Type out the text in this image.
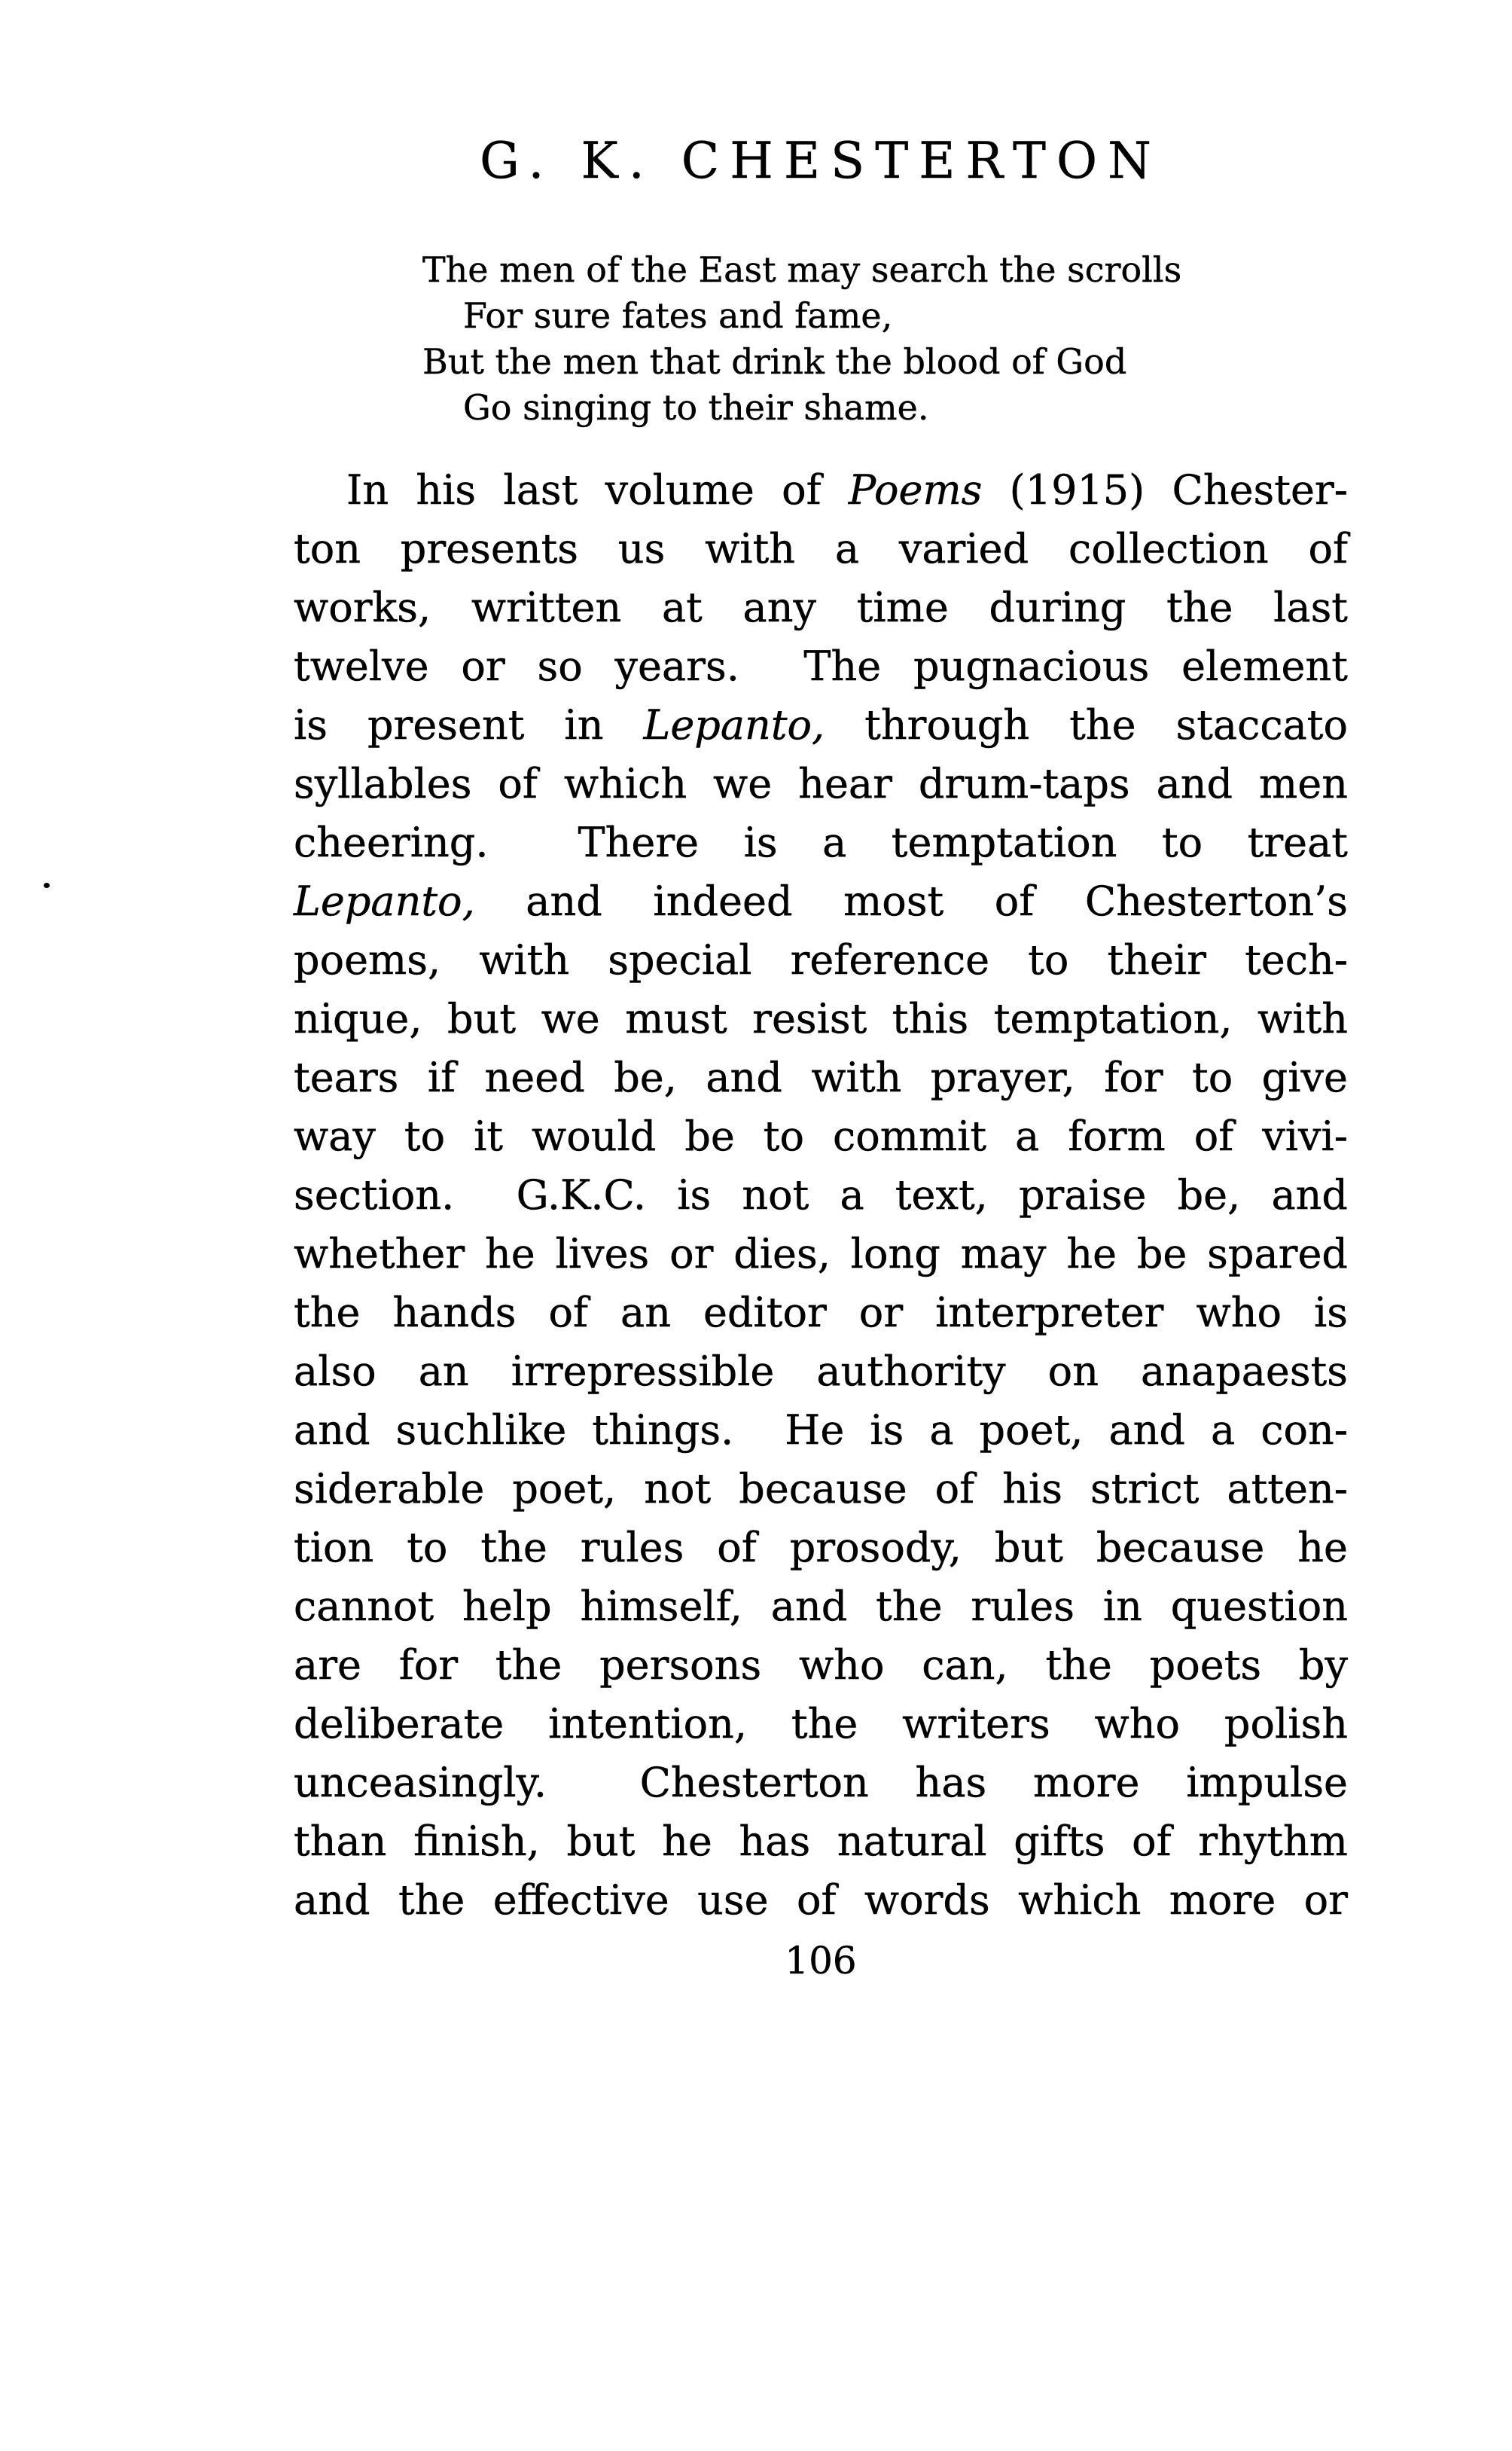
G. K. CHESTERTON
The men of the East may search the scrolls
For sure fates and fame,
But the men that drink the blood of God
Go singing to their shame.
In his last volume of Poems (1915) Chester-
ton presents us with a varied collection of
works, written at any time during the last
twelve or so years.  The pugnacious element
is present in Lepanto, through the staccato
syllables of which we hear drum-taps and men
cheering.  There is a temptation to treat
Lepanto, and indeed most of Chesterton’s
poems, with special reference to their tech-
nique, but we must resist this temptation, with
tears if need be, and with prayer, for to give
way to it would be to commit a form of vivi-
section.  G.K.C. is not a text, praise be, and
whether he lives or dies, long may he be spared
the hands of an editor or interpreter who is
also an irrepressible authority on anapaests
and suchlike things.  He is a poet, and a con-
siderable poet, not because of his strict atten-
tion to the rules of prosody, but because he
cannot help himself, and the rules in question
are for the persons who can, the poets by
deliberate intention, the writers who polish
unceasingly.  Chesterton has more impulse
than finish, but he has natural gifts of rhythm
and the effective use of words which more or
106
